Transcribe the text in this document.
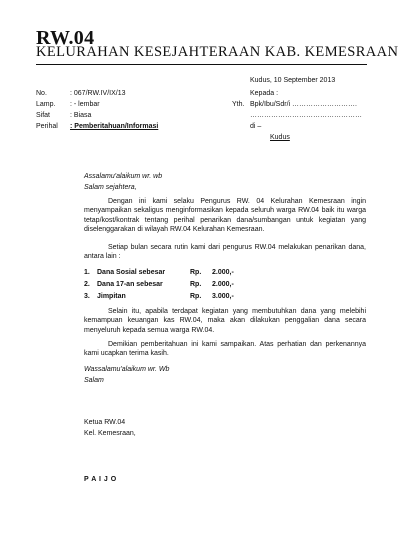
RW.04
KELURAHAN KESEJAHTERAAN KAB. KEMESRAAN
Kudus, 10 September 2013
No.	: 067/RW.IV/IX/13
Lamp.	: - lembar
Sifat	: Biasa
Perihal	: Pemberitahuan/Informasi
Kepada :
Yth. Bpk/Ibu/Sdr/i ……………………….
…………………………………………
di –
Kudus
Assalamu'alaikum wr. wb
Salam sejahtera,
Dengan ini kami selaku Pengurus RW. 04 Kelurahan Kemesraan ingin menyampaikan sekaligus menginformasikan kepada seluruh warga RW.04 baik itu warga tetap/kost/kontrak tentang perihal penarikan dana/sumbangan untuk kegiatan yang diselenggarakan di wilayah RW.04 Kelurahan Kemesraan.
Setiap bulan secara rutin kami dari pengurus RW.04 melakukan penarikan dana, antara lain :
1. Dana Sosial sebesar	Rp. 2.000,-
2. Dana 17-an sebesar	Rp. 2.000,-
3. Jimpitan	Rp. 3.000,-
Selain itu, apabila terdapat kegiatan yang membutuhkan dana yang melebihi kemampuan keuangan kas RW.04, maka akan dilakukan penggalian dana secara menyeluruh kepada semua warga RW.04.
Demikian pemberitahuan ini kami sampaikan. Atas perhatian dan perkenannya kami ucapkan terima kasih.
Wassalamu'alaikum wr. Wb
Salam
Ketua RW.04
Kel. Kemesraan,
P A I J O
